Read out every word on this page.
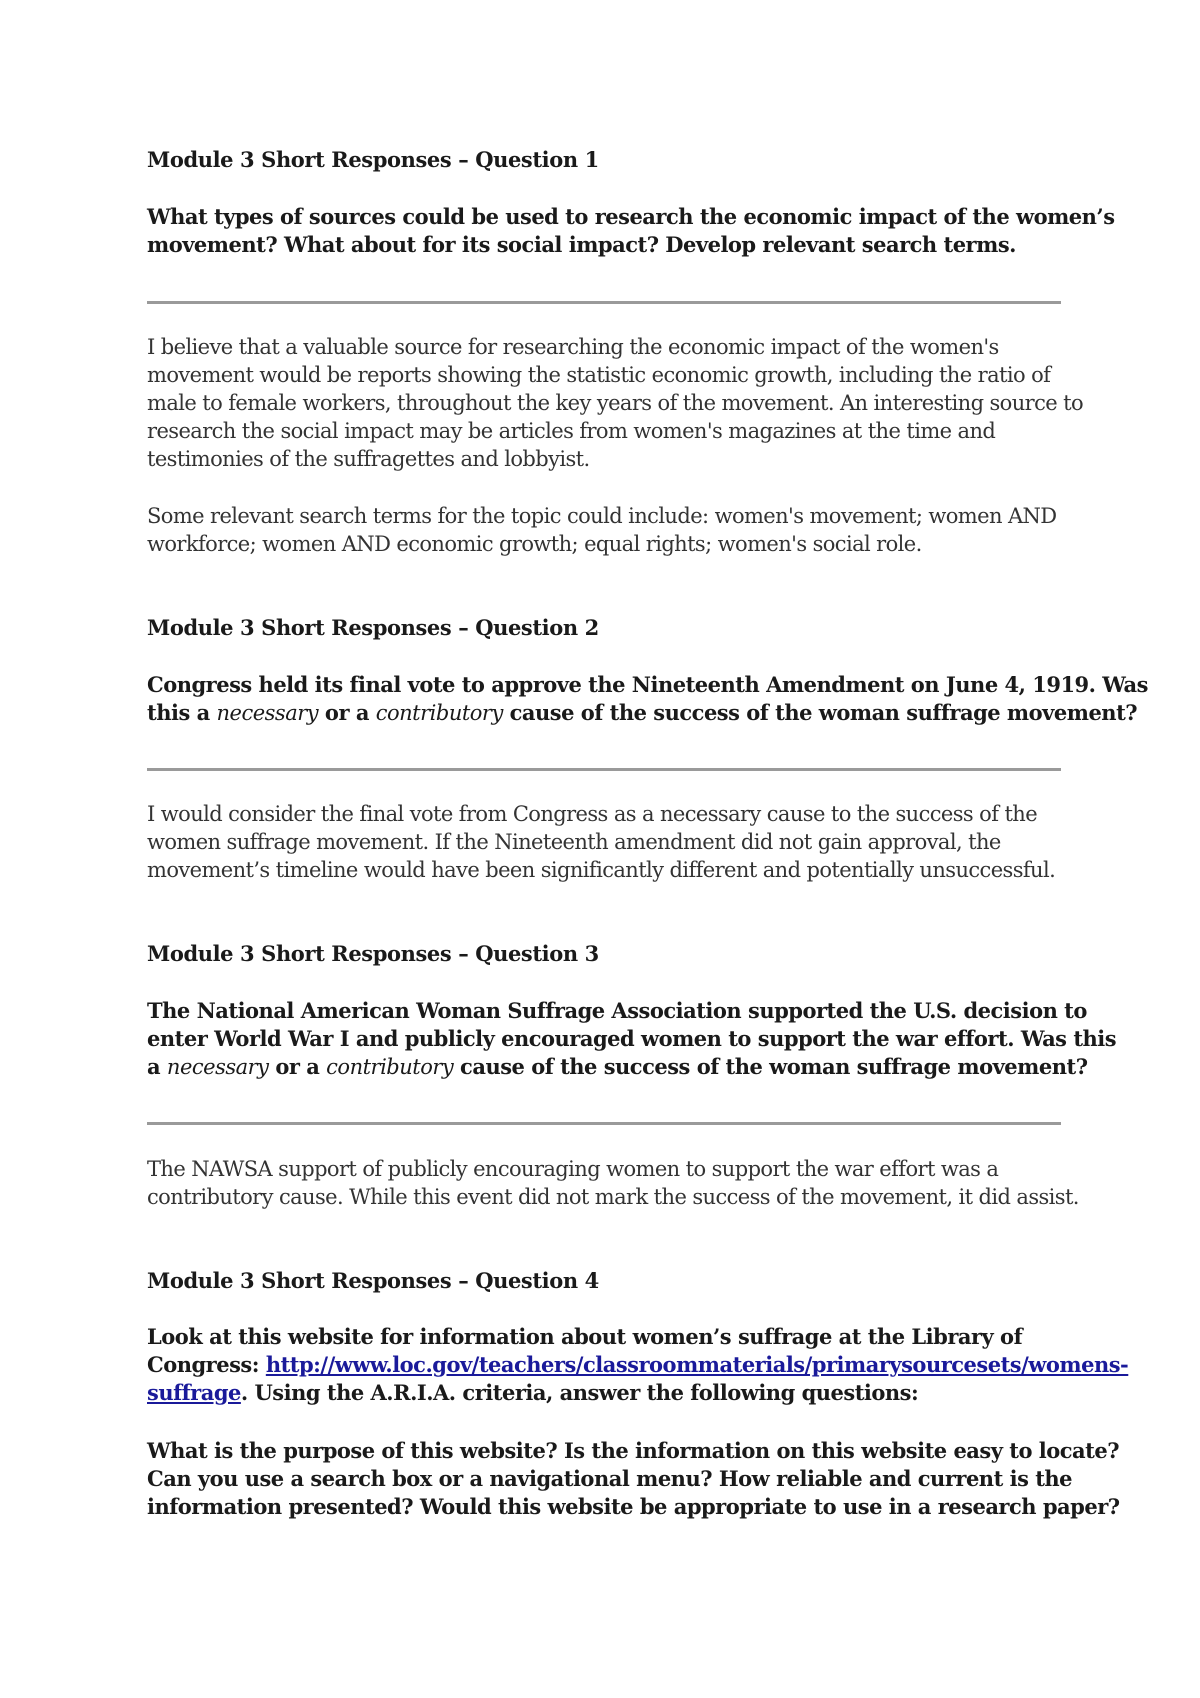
Module 3 Short Responses – Question 1
What types of sources could be used to research the economic impact of the women’s
movement? What about for its social impact? Develop relevant search terms.
I believe that a valuable source for researching the economic impact of the women's
movement would be reports showing the statistic economic growth, including the ratio of
male to female workers, throughout the key years of the movement. An interesting source to
research the social impact may be articles from women's magazines at the time and
testimonies of the suffragettes and lobbyist.
Some relevant search terms for the topic could include: women's movement; women AND
workforce; women AND economic growth; equal rights; women's social role.
Module 3 Short Responses – Question 2
Congress held its final vote to approve the Nineteenth Amendment on June 4, 1919. Was
this a necessary or a contributory cause of the success of the woman suffrage movement?
I would consider the final vote from Congress as a necessary cause to the success of the
women suffrage movement. If the Nineteenth amendment did not gain approval, the
movement’s timeline would have been significantly different and potentially unsuccessful.
Module 3 Short Responses – Question 3
The National American Woman Suffrage Association supported the U.S. decision to
enter World War I and publicly encouraged women to support the war effort. Was this
a necessary or a contributory cause of the success of the woman suffrage movement?
The NAWSA support of publicly encouraging women to support the war effort was a
contributory cause. While this event did not mark the success of the movement, it did assist.
Module 3 Short Responses – Question 4
Look at this website for information about women’s suffrage at the Library of
Congress: http://www.loc.gov/teachers/classroommaterials/primarysourcesets/womens-
suffrage. Using the A.R.I.A. criteria, answer the following questions:
What is the purpose of this website? Is the information on this website easy to locate?
Can you use a search box or a navigational menu? How reliable and current is the
information presented? Would this website be appropriate to use in a research paper?
